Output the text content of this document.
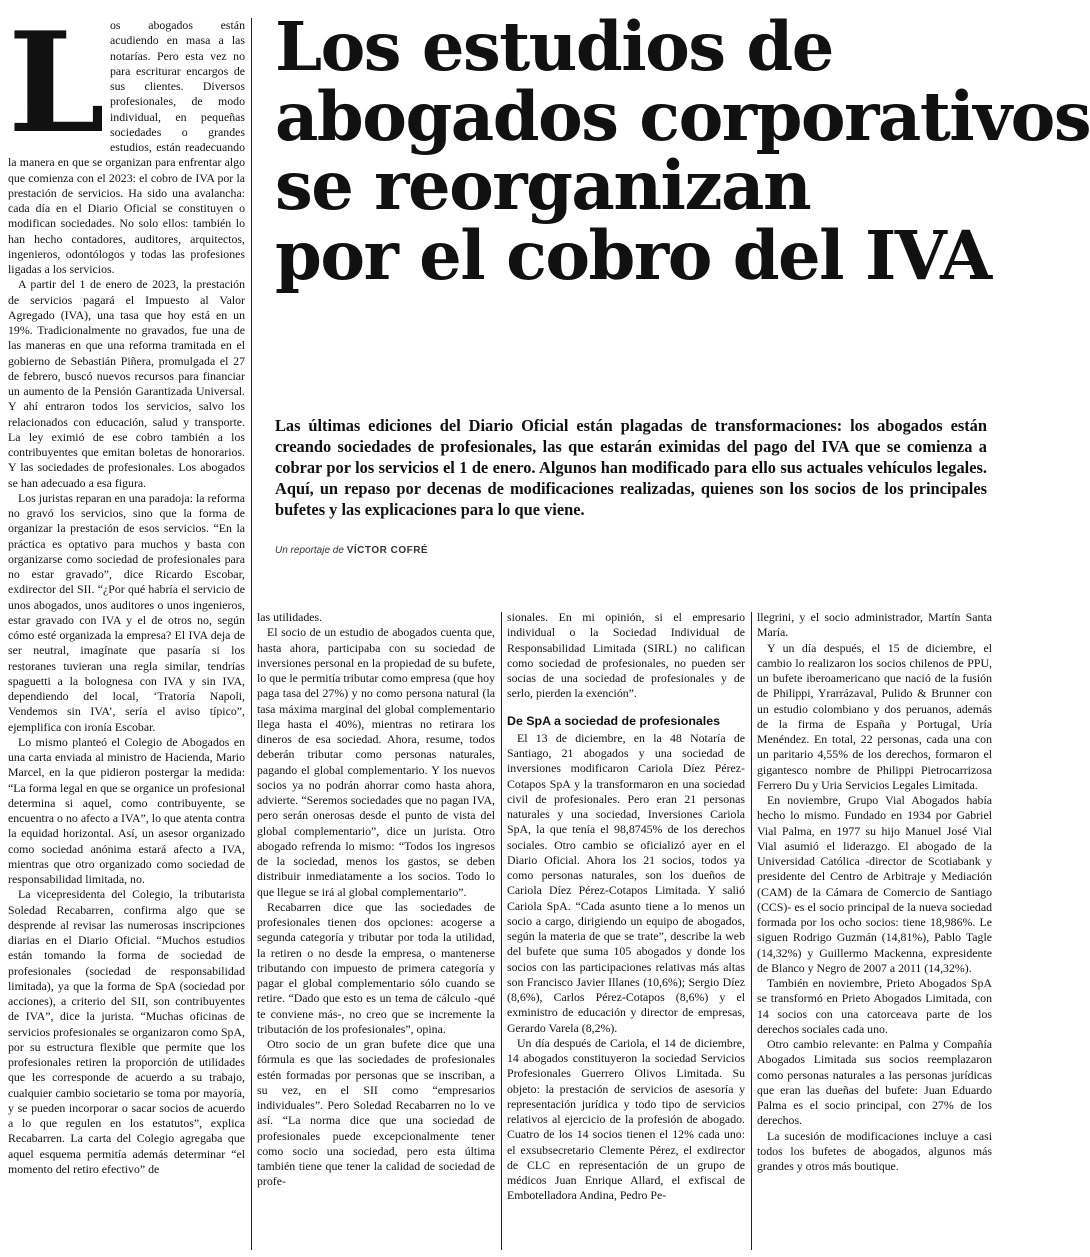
Los estudios de
abogados corporativos
se reorganizan
por el cobro del IVA

Las últimas ediciones del Diario Oficial están plagadas de transformaciones: los abogados están creando sociedades de profesionales, las que estarán eximidas del pago del IVA que se comienza a cobrar por los servicios el 1 de enero. Algunos han modificado para ello sus actuales vehículos legales. Aquí, un repaso por decenas de modificaciones realizadas, quienes son los socios de los principales bufetes y las explicaciones para lo que viene.

Un reportaje de VÍCTOR COFRÉ
L os abogados están acudiendo en masa a las notarías. Pero esta vez no para escriturar encargos de sus clientes. Diversos profesionales, de modo individual, en pequeñas sociedades o grandes estudios, están readecuando la manera en que se organizan para enfrentar algo que comienza con el 2023: el cobro de IVA por la prestación de servicios. Ha sido una avalancha: cada día en el Diario Oficial se constituyen o modifican sociedades. No solo ellos: también lo han hecho contadores, auditores, arquitectos, ingenieros, odontólogos y todas las profesiones ligadas a los servicios.

A partir del 1 de enero de 2023, la prestación de servicios pagará el Impuesto al Valor Agregado (IVA), una tasa que hoy está en un 19%. Tradicionalmente no gravados, fue una de las maneras en que una reforma tramitada en el gobierno de Sebastián Piñera, promulgada el 27 de febrero, buscó nuevos recursos para financiar un aumento de la Pensión Garantizada Universal. Y ahí entraron todos los servicios, salvo los relacionados con educación, salud y transporte. La ley eximió de ese cobro también a los contribuyentes que emitan boletas de honorarios. Y las sociedades de profesionales. Los abogados se han adecuado a esa figura.

Los juristas reparan en una paradoja: la reforma no gravó los servicios, sino que la forma de organizar la prestación de esos servicios. “En la práctica es optativo para muchos y basta con organizarse como sociedad de profesionales para no estar gravado”, dice Ricardo Escobar, exdirector del SII. “¿Por qué habría el servicio de unos abogados, unos auditores o unos ingenieros, estar gravado con IVA y el de otros no, según cómo esté organizada la empresa? El IVA deja de ser neutral, imagínate que pasaría si los restoranes tuvieran una regla similar, tendrías spaguetti a la bolognesa con IVA y sin IVA, dependiendo del local, ‘Tratoría Napoli, Vendemos sin IVA’, sería el aviso típico”, ejemplifica con ironía Escobar.

Lo mismo planteó el Colegio de Abogados en una carta enviada al ministro de Hacienda, Mario Marcel, en la que pidieron postergar la medida: “La forma legal en que se organice un profesional determina si aquel, como contribuyente, se encuentra o no afecto a IVA”, lo que atenta contra la equidad horizontal. Así, un asesor organizado como sociedad anónima estará afecto a IVA, mientras que otro organizado como sociedad de responsabilidad limitada, no.

La vicepresidenta del Colegio, la tributarista Soledad Recabarren, confirma algo que se desprende al revisar las numerosas inscripciones diarias en el Diario Oficial. “Muchos estudios están tomando la forma de sociedad de profesionales (sociedad de responsabilidad limitada), ya que la forma de SpA (sociedad por acciones), a criterio del SII, son contribuyentes de IVA”, dice la jurista. “Muchas oficinas de servicios profesionales se organizaron como SpA, por su estructura flexible que permite que los profesionales retiren la proporción de utilidades que les corresponde de acuerdo a su trabajo, cualquier cambio societario se toma por mayoría, y se pueden incorporar o sacar socios de acuerdo a lo que regulen en los estatutos”, explica Recabarren. La carta del Colegio agregaba que aquel esquema permitía además determinar “el momento del retiro efectivo” de

las utilidades.

El socio de un estudio de abogados cuenta que, hasta ahora, participaba con su sociedad de inversiones personal en la propiedad de su bufete, lo que le permitía tributar como empresa (que hoy paga tasa del 27%) y no como persona natural (la tasa máxima marginal del global complementario llega hasta el 40%), mientras no retirara los dineros de esa sociedad. Ahora, resume, todos deberán tributar como personas naturales, pagando el global complementario. Y los nuevos socios ya no podrán ahorrar como hasta ahora, advierte. “Seremos sociedades que no pagan IVA, pero serán onerosas desde el punto de vista del global complementario”, dice un jurista. Otro abogado refrenda lo mismo: “Todos los ingresos de la sociedad, menos los gastos, se deben distribuir inmediatamente a los socios. Todo lo que llegue se irá al global complementario”.

Recabarren dice que las sociedades de profesionales tienen dos opciones: acogerse a segunda categoría y tributar por toda la utilidad, la retiren o no desde la empresa, o mantenerse tributando con impuesto de primera categoría y pagar el global complementario sólo cuando se retire. “Dado que esto es un tema de cálculo -qué te conviene más-, no creo que se incremente la tributación de los profesionales”, opina.

Otro socio de un gran bufete dice que una fórmula es que las sociedades de profesionales estén formadas por personas que se inscriban, a su vez, en el SII como “empresarios individuales”. Pero Soledad Recabarren no lo ve así. “La norma dice que una sociedad de profesionales puede excepcionalmente tener como socio una sociedad, pero esta última también tiene que tener la calidad de sociedad de profe-

sionales. En mi opinión, si el empresario individual o la Sociedad Individual de Responsabilidad Limitada (SIRL) no califican como sociedad de profesionales, no pueden ser socias de una sociedad de profesionales y de serlo, pierden la exención”.

De SpA a sociedad de profesionales

El 13 de diciembre, en la 48 Notaría de Santiago, 21 abogados y una sociedad de inversiones modificaron Cariola Díez Pérez-Cotapos SpA y la transformaron en una sociedad civil de profesionales. Pero eran 21 personas naturales y una sociedad, Inversiones Cariola SpA, la que tenía el 98,8745% de los derechos sociales. Otro cambio se oficializó ayer en el Diario Oficial. Ahora los 21 socios, todos ya como personas naturales, son los dueños de Cariola Díez Pérez-Cotapos Limitada. Y salió Cariola SpA. “Cada asunto tiene a lo menos un socio a cargo, dirigiendo un equipo de abogados, según la materia de que se trate”, describe la web del bufete que suma 105 abogados y donde los socios con las participaciones relativas más altas son Francisco Javier Illanes (10,6%); Sergio Díez (8,6%), Carlos Pérez-Cotapos (8,6%) y el exministro de educación y director de empresas, Gerardo Varela (8,2%).

Un día después de Cariola, el 14 de diciembre, 14 abogados constituyeron la sociedad Servicios Profesionales Guerrero Olivos Limitada. Su objeto: la prestación de servicios de asesoría y representación jurídica y todo tipo de servicios relativos al ejercicio de la profesión de abogado. Cuatro de los 14 socios tienen el 12% cada uno: el exsubsecretario Clemente Pérez, el exdirector de CLC en representación de un grupo de médicos Juan Enrique Allard, el exfiscal de Embotelladora Andina, Pedro Pe-

llegrini, y el socio administrador, Martín Santa María.

Y un día después, el 15 de diciembre, el cambio lo realizaron los socios chilenos de PPU, un bufete iberoamericano que nació de la fusión de Philippi, Yrarrázaval, Pulido & Brunner con un estudio colombiano y dos peruanos, además de la firma de España y Portugal, Uría Menéndez. En total, 22 personas, cada una con un paritario 4,55% de los derechos, formaron el gigantesco nombre de Philippi Pietrocarrizosa Ferrero Du y Uria Servicios Legales Limitada.

En noviembre, Grupo Vial Abogados había hecho lo mismo. Fundado en 1934 por Gabriel Vial Palma, en 1977 su hijo Manuel José Vial Vial asumió el liderazgo. El abogado de la Universidad Católica -director de Scotiabank y presidente del Centro de Arbitraje y Mediación (CAM) de la Cámara de Comercio de Santiago (CCS)- es el socio principal de la nueva sociedad formada por los ocho socios: tiene 18,986%. Le siguen Rodrigo Guzmán (14,81%), Pablo Tagle (14,32%) y Guillermo Mackenna, expresidente de Blanco y Negro de 2007 a 2011 (14,32%).

También en noviembre, Prieto Abogados SpA se transformó en Prieto Abogados Limitada, con 14 socios con una catorceava parte de los derechos sociales cada uno.

Otro cambio relevante: en Palma y Compañía Abogados Limitada sus socios reemplazaron como personas naturales a las personas jurídicas que eran las dueñas del bufete: Juan Eduardo Palma es el socio principal, con 27% de los derechos.

La sucesión de modificaciones incluye a casi todos los bufetes de abogados, algunos más grandes y otros más boutique.
